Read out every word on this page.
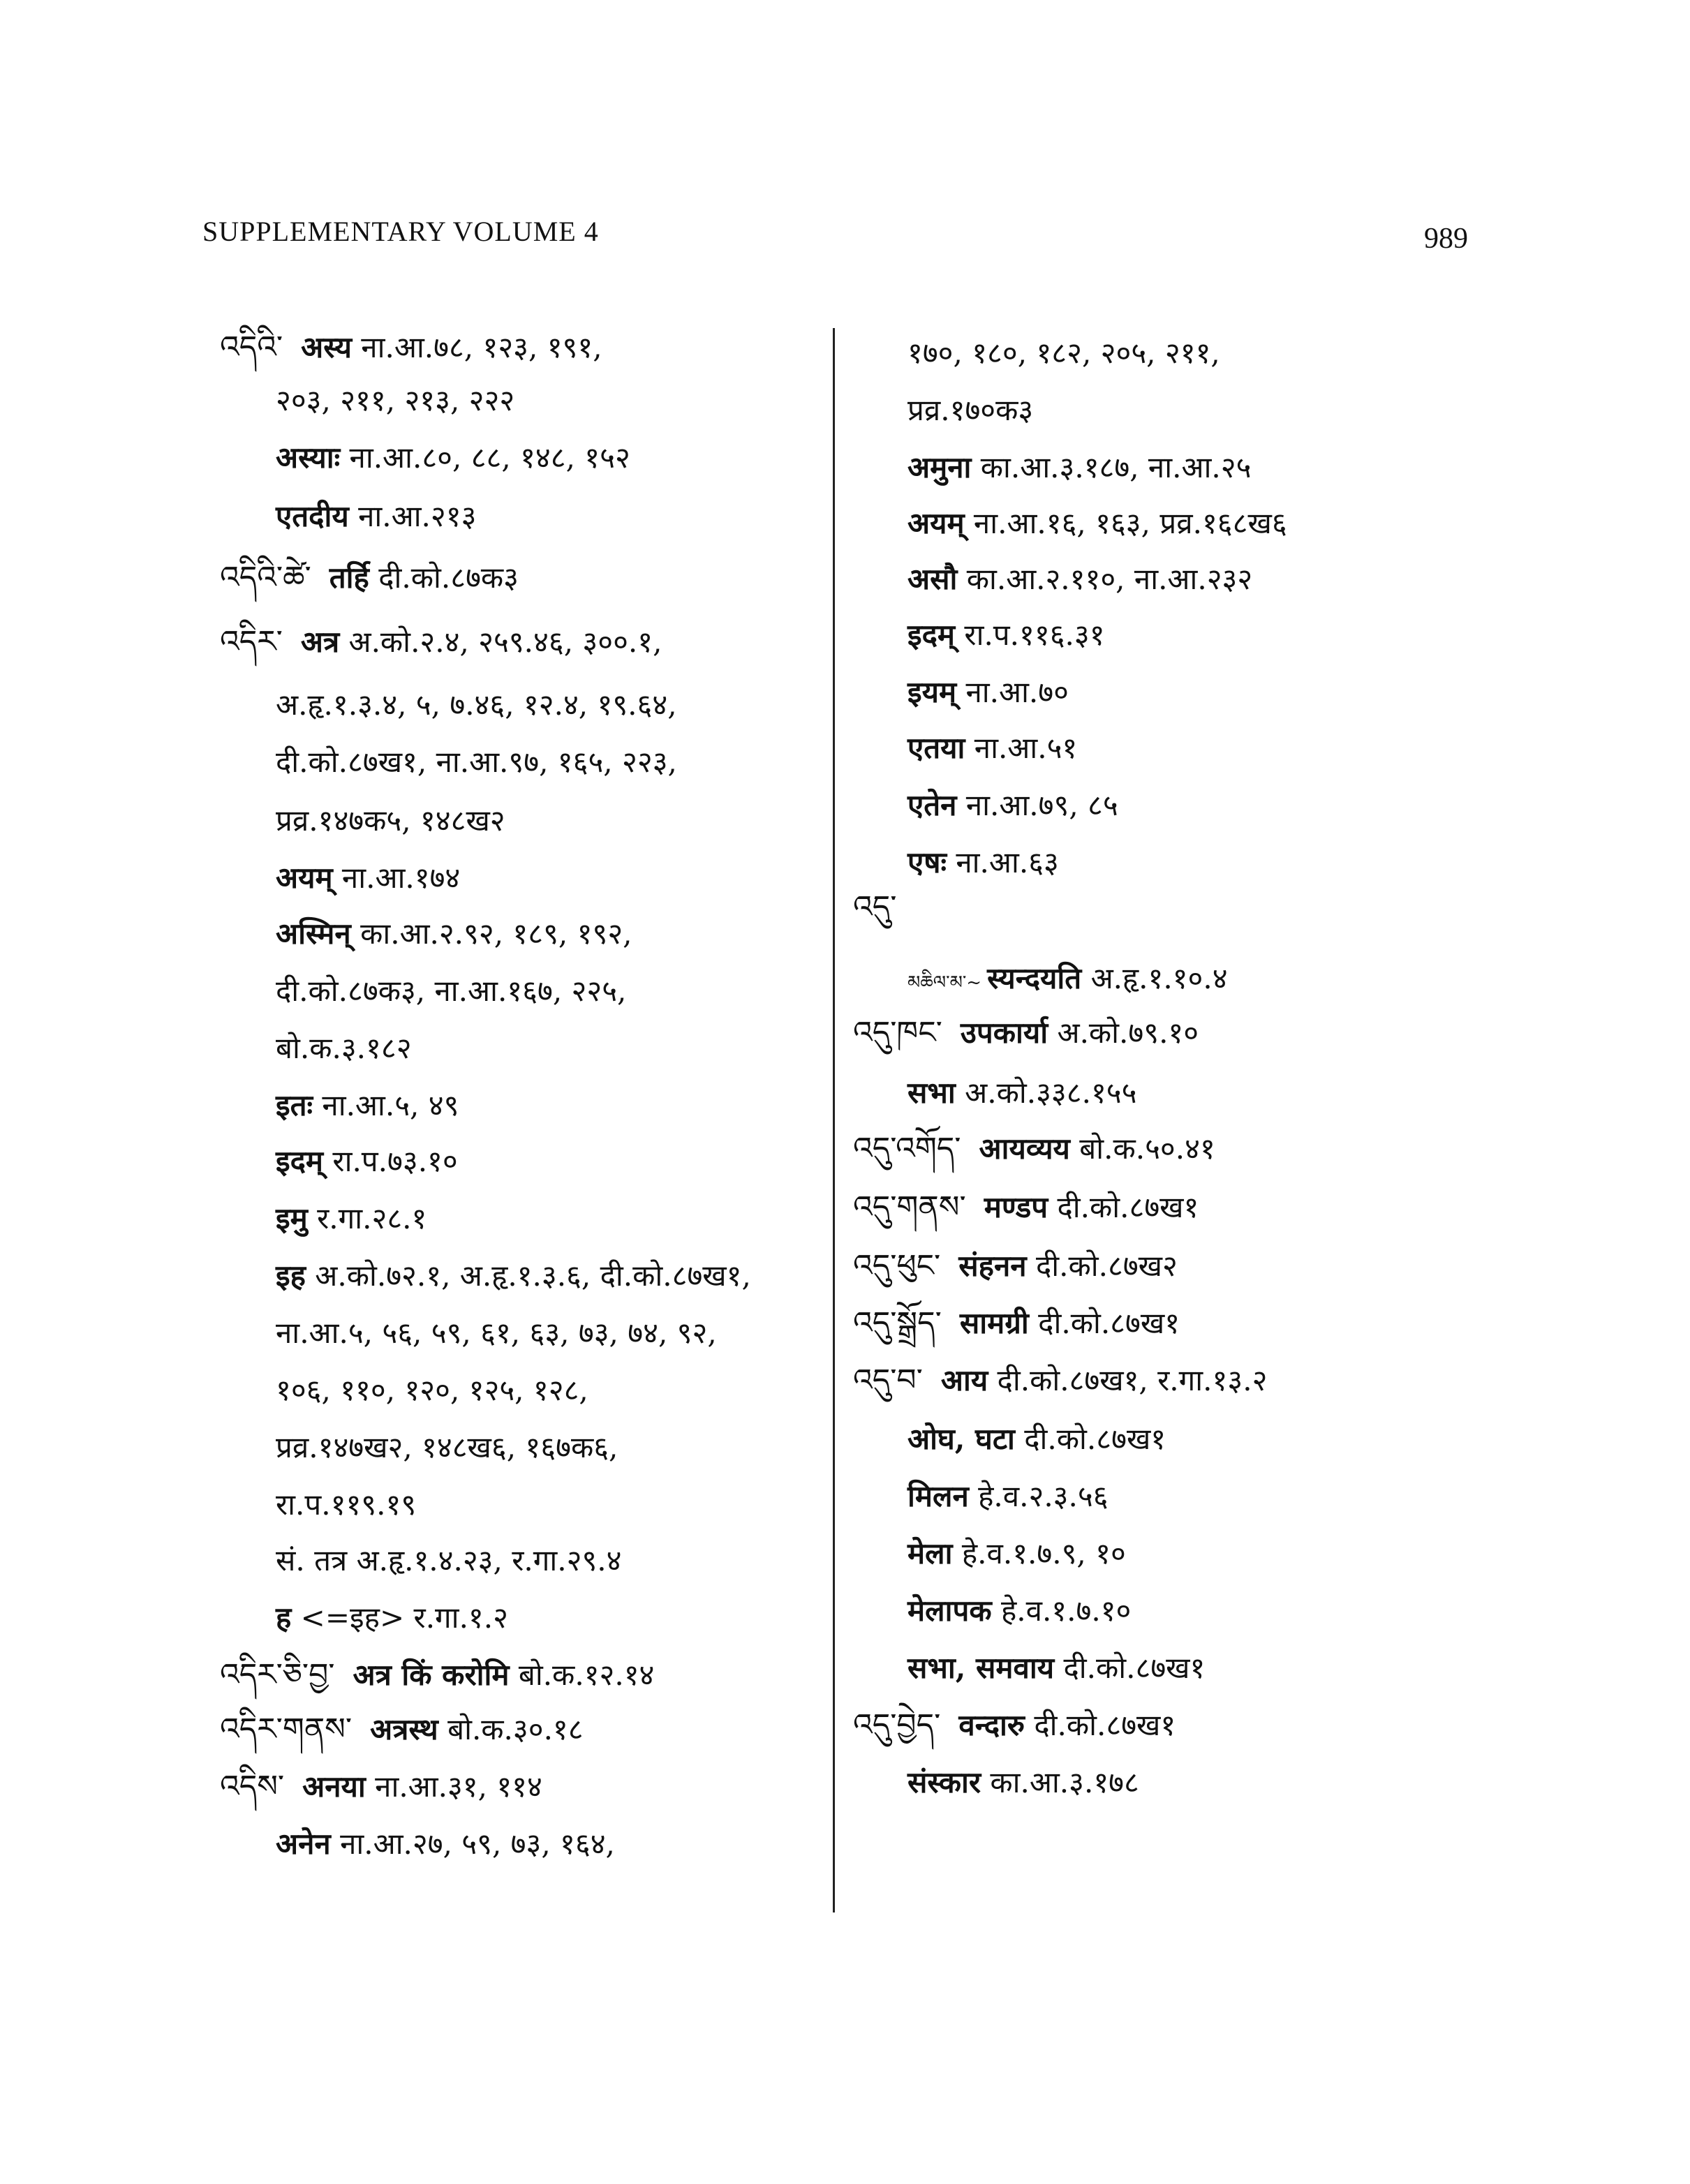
SUPPLEMENTARY VOLUME 4	989
འདིའི་ अस्य ना.आ.७८, १२३, १९१,
२०३, २११, २१३, २२२
अस्याः ना.आ.८०, ८८, १४८, १५२
एतदीय ना.आ.२१३
འདིའི་ཚེ་ तर्हि दी.को.८७क३
འདིར་ अत्र अ.को.२.४, २५९.४६, ३००.१,
अ.हृ.१.३.४, ५, ७.४६, १२.४, १९.६४,
दी.को.८७ख१, ना.आ.९७, १६५, २२३,
प्रव्र.१४७क५, १४८ख२
अयम् ना.आ.१७४
अस्मिन् का.आ.२.९२, १८९, १९२,
दी.को.८७क३, ना.आ.१६७, २२५,
बो.क.३.१८२
इतः ना.आ.५, ४९
इदम् रा.प.७३.१०
इमु र.गा.२८.१
इह अ.को.७२.१, अ.हृ.१.३.६, दी.को.८७ख१,
ना.आ.५, ५६, ५९, ६१, ६३, ७३, ७४, ९२,
१०६, ११०, १२०, १२५, १२८,
प्रव्र.१४७ख२, १४८ख६, १६७क६,
रा.प.११९.१९
सं. तत्र अ.हृ.१.४.२३, र.गा.२९.४
ह <=इह> र.गा.१.२
འདིར་ཅི་བྱ་ अत्र किं करोमि बो.क.१२.१४
འདིར་གནས་ अत्रस्थ बो.क.३०.१८
འདིས་ अनया ना.आ.३१, ११४
अनेन ना.आ.२७, ५९, ७३, १६४,
१७०, १८०, १८२, २०५, २११,
प्रव्र.१७०क३
अमुना का.आ.३.१८७, ना.आ.२५
अयम् ना.आ.१६, १६३, प्रव्र.१६८ख६
असौ का.आ.२.११०, ना.आ.२३२
इदम् रा.प.११६.३१
इयम् ना.आ.७०
एतया ना.आ.५१
एतेन ना.आ.७९, ८५
एषः ना.आ.६३
འདུ་
མཆིལ་མ་~ स्यन्दयति अ.हृ.१.१०.४
འདུ་ཁང་ उपकार्या अ.को.७९.१०
सभा अ.को.३३८.१५५
འདུ་འགོད་ आयव्यय बो.क.५०.४१
འདུ་གནས་ मण्डप दी.को.८७ख१
འདུ་ཕུང་ संहनन दी.को.८७ख२
འདུ་སྒྲོད་ सामग्री दी.को.८७ख१
འདུ་བ་ आय दी.को.८७ख१, र.गा.१३.२
ओघ, घटा दी.को.८७ख१
मिलन हे.व.२.३.५६
मेला हे.व.१.७.९, १०
मेलापक हे.व.१.७.१०
सभा, समवाय दी.को.८७ख१
འདུ་བྱེད་ वन्दारु दी.को.८७ख१
संस्कार का.आ.३.१७८
